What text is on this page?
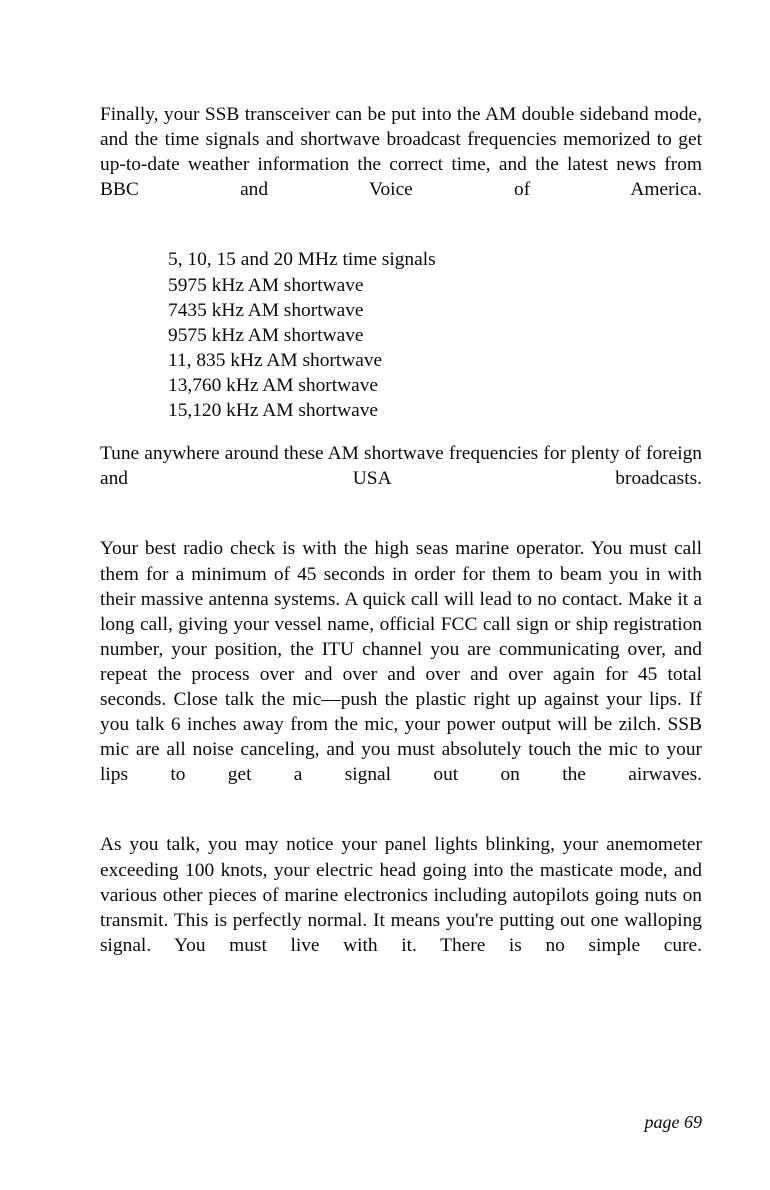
Finally, your SSB transceiver can be put into the AM double sideband mode, and the time signals and shortwave broadcast frequencies memorized to get up-to-date weather information the correct time, and the latest news from BBC and Voice of America.

5, 10, 15 and 20 MHz time signals
5975 kHz AM shortwave
7435 kHz AM shortwave
9575 kHz AM shortwave
11, 835 kHz AM shortwave
13,760 kHz AM shortwave
15,120 kHz AM shortwave

Tune anywhere around these AM shortwave frequencies for plenty of foreign and USA broadcasts.

Your best radio check is with the high seas marine operator. You must call them for a minimum of 45 seconds in order for them to beam you in with their massive antenna systems. A quick call will lead to no contact. Make it a long call, giving your vessel name, official FCC call sign or ship registration number, your position, the ITU channel you are communicating over, and repeat the process over and over and over and over again for 45 total seconds. Close talk the mic—push the plastic right up against your lips. If you talk 6 inches away from the mic, your power output will be zilch. SSB mic are all noise canceling, and you must absolutely touch the mic to your lips to get a signal out on the airwaves.

As you talk, you may notice your panel lights blinking, your anemometer exceeding 100 knots, your electric head going into the masticate mode, and various other pieces of marine electronics including autopilots going nuts on transmit. This is perfectly normal. It means you're putting out one walloping signal. You must live with it. There is no simple cure.

page 69
